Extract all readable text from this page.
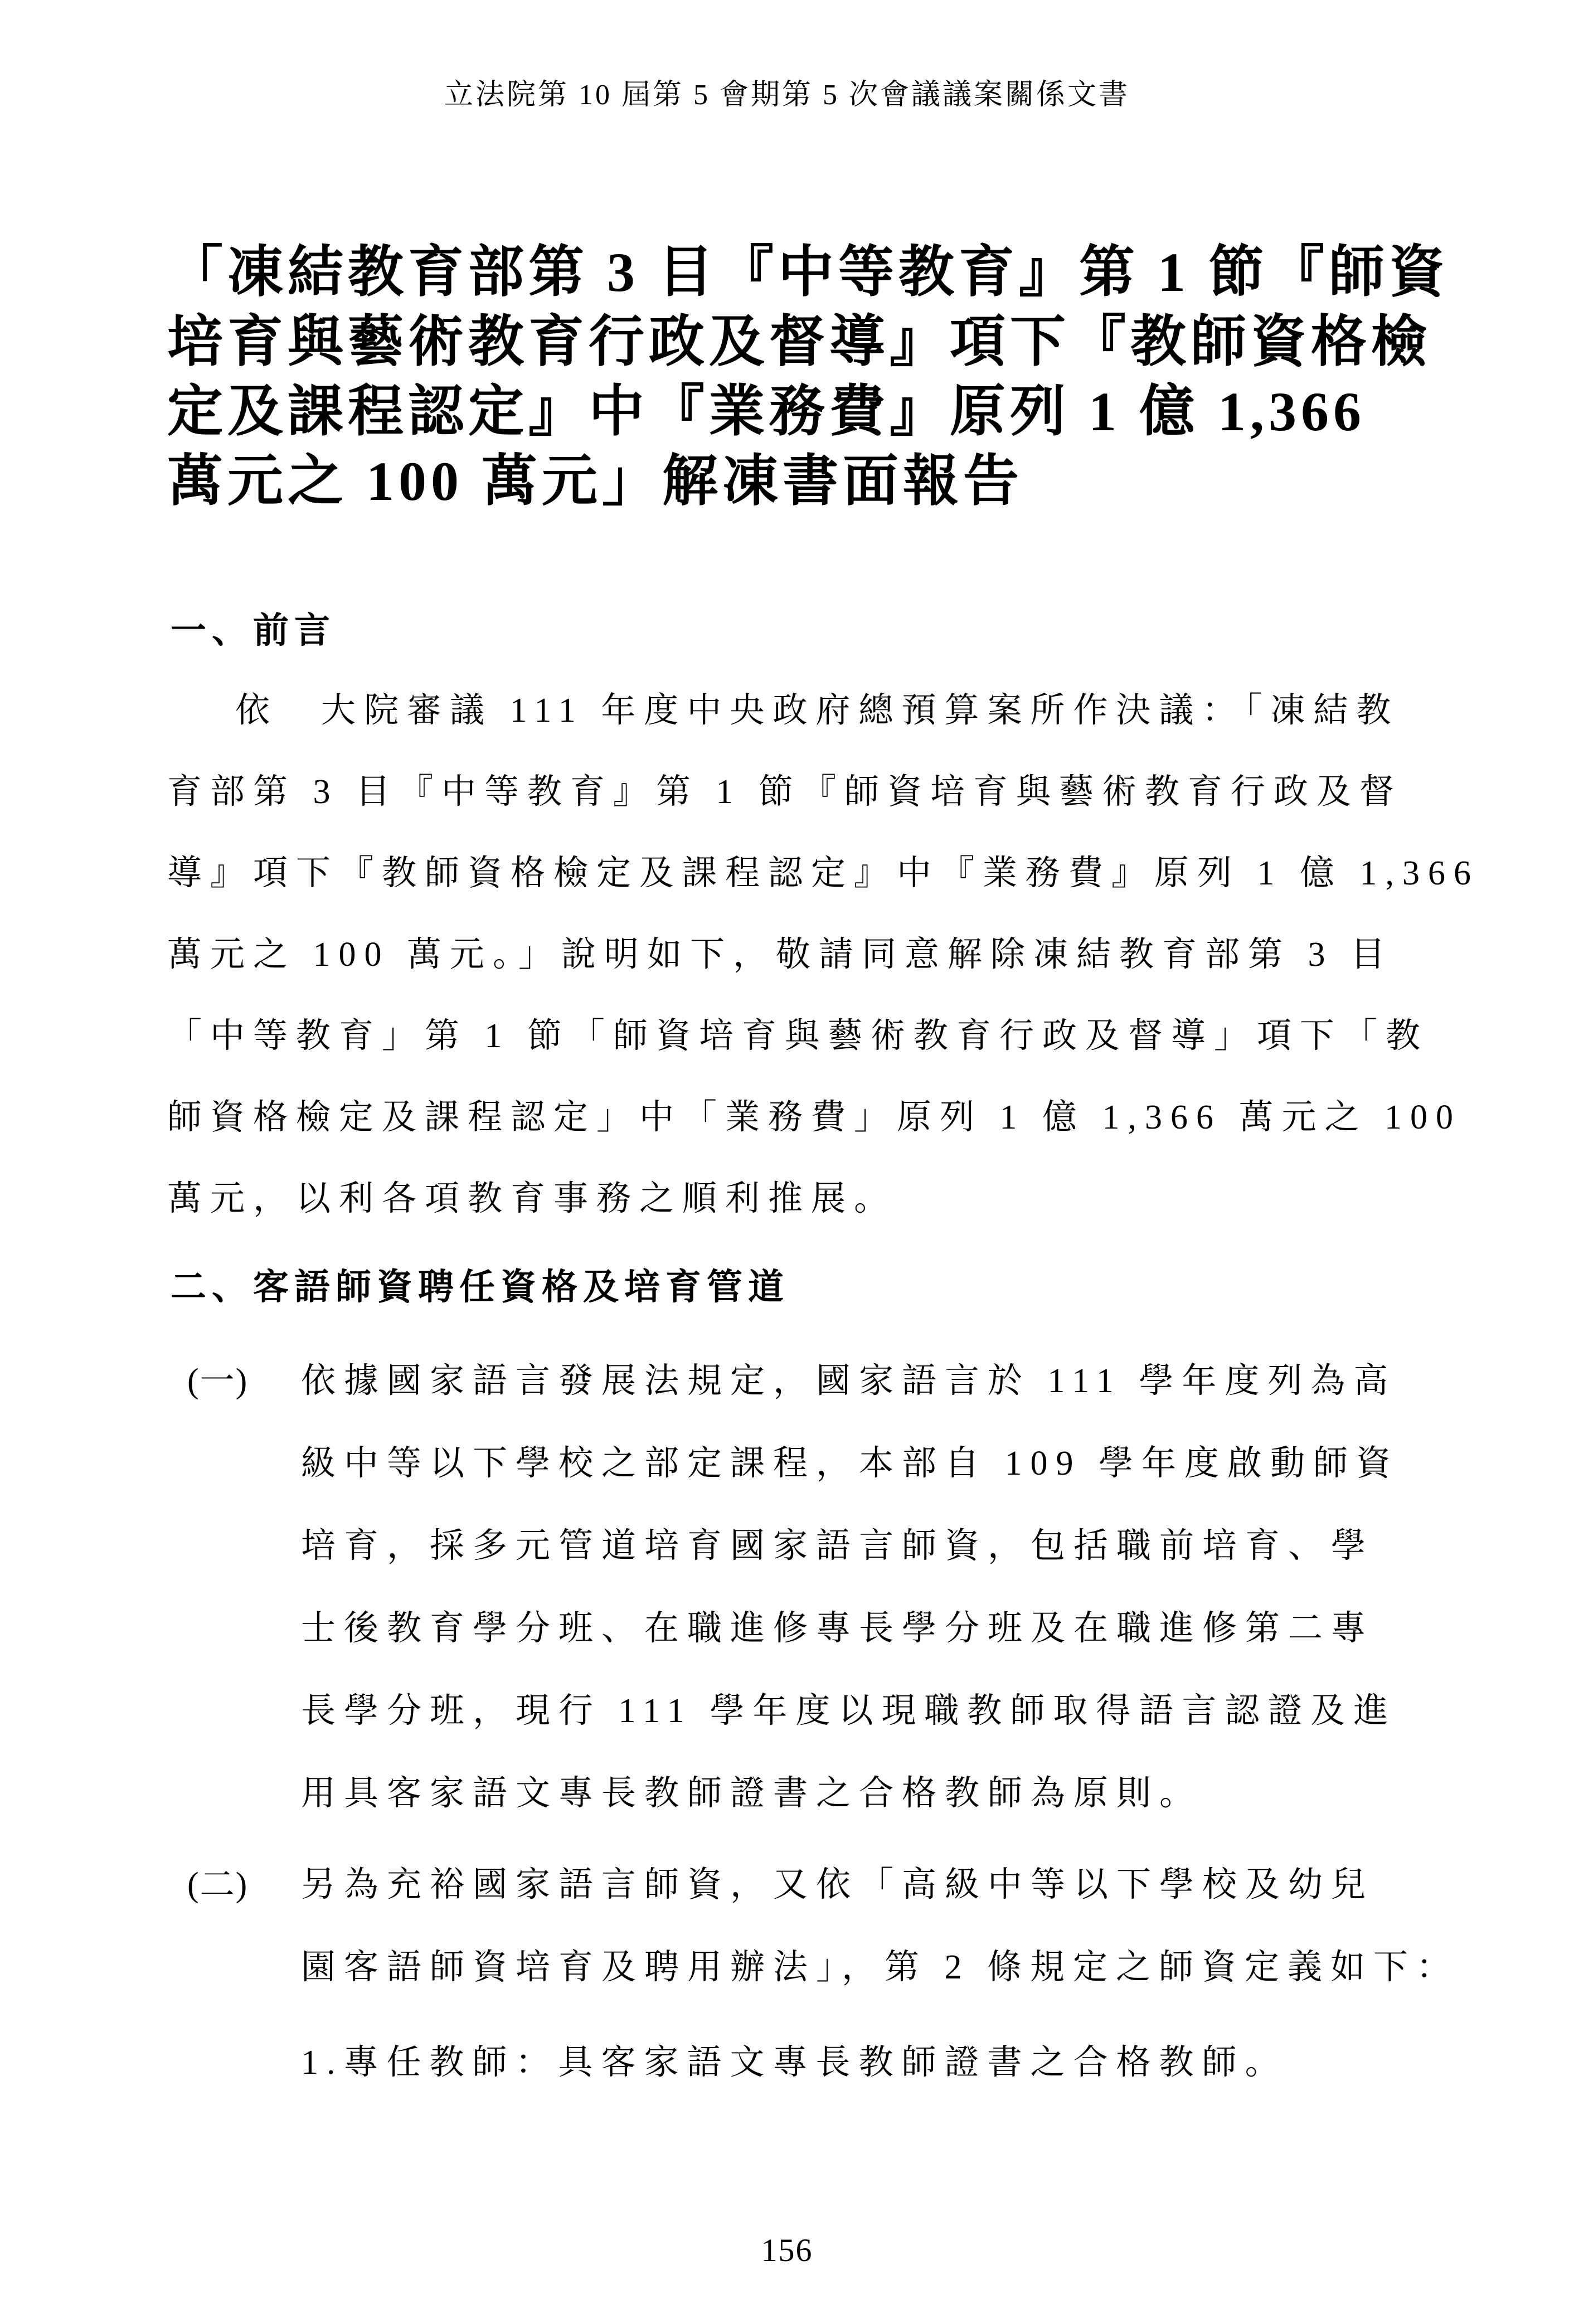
立法院第 10 屆第 5 會期第 5 次會議議案關係文書
「凍結教育部第 3 目『中等教育』第 1 節『師資
培育與藝術教育行政及督導』項下『教師資格檢
定及課程認定』中『業務費』原列 1 億 1,366
萬元之 100 萬元」解凍書面報告
一、前言
依　大院審議 111 年度中央政府總預算案所作決議：「凍結教
育部第 3 目『中等教育』第 1 節『師資培育與藝術教育行政及督
導』項下『教師資格檢定及課程認定』中『業務費』原列 1 億 1,366
萬元之 100 萬元。」說明如下，敬請同意解除凍結教育部第 3 目
「中等教育」第 1 節「師資培育與藝術教育行政及督導」項下「教
師資格檢定及課程認定」中「業務費」原列 1 億 1,366 萬元之 100
萬元，以利各項教育事務之順利推展。
二、客語師資聘任資格及培育管道
(一)	依據國家語言發展法規定，國家語言於 111 學年度列為高
級中等以下學校之部定課程，本部自 109 學年度啟動師資
培育，採多元管道培育國家語言師資，包括職前培育、學
士後教育學分班、在職進修專長學分班及在職進修第二專
長學分班，現行 111 學年度以現職教師取得語言認證及進
用具客家語文專長教師證書之合格教師為原則。
(二)	另為充裕國家語言師資，又依「高級中等以下學校及幼兒
園客語師資培育及聘用辦法」，第 2 條規定之師資定義如下：
1.專任教師：具客家語文專長教師證書之合格教師。
156
